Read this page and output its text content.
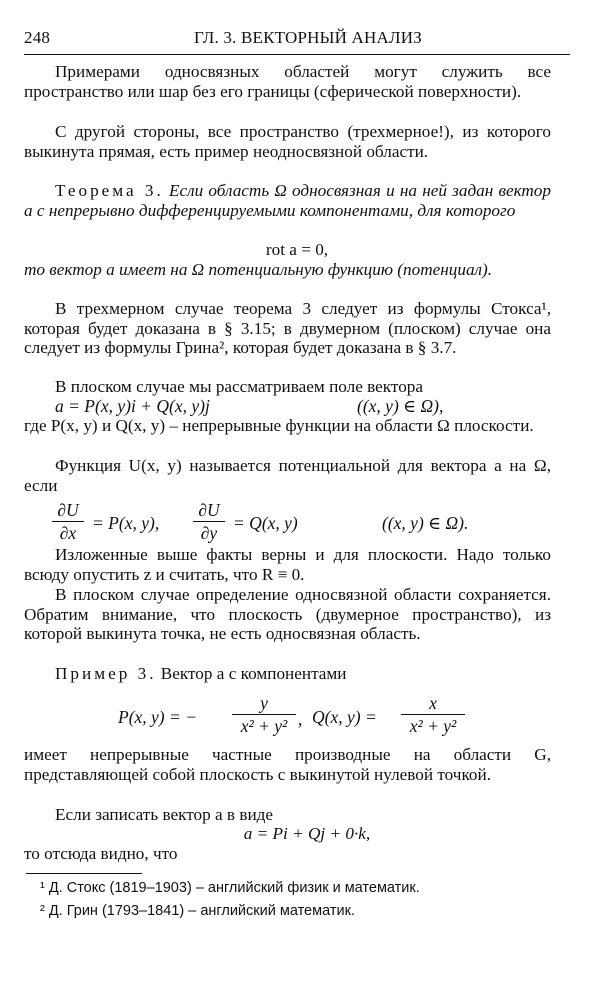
248	ГЛ. 3. ВЕКТОРНЫЙ АНАЛИЗ
Примерами односвязных областей могут служить все пространство или шар без его границы (сферической поверхности).
С другой стороны, все пространство (трехмерное!), из которого выкинута прямая, есть пример неодносвязной области.
Теорема 3. Если область Ω односвязная и на ней задан вектор a с непрерывно дифференцируемыми компонентами, для которого
rot a = 0,
то вектор a имеет на Ω потенциальную функцию (потенциал).
В трехмерном случае теорема 3 следует из формулы Стокса¹, которая будет доказана в § 3.15; в двумерном (плоском) случае она следует из формулы Грина², которая будет доказана в § 3.7.
В плоском случае мы рассматриваем поле вектора
a = P(x, y)i + Q(x, y)j	((x, y) ∈ Ω),
где P(x, y) и Q(x, y) – непрерывные функции на области Ω плоскости.
Функция U(x, y) называется потенциальной для вектора a на Ω, если
∂U
∂x = P(x, y),
∂U
∂y = Q(x, y)	((x, y) ∈ Ω).
Изложенные выше факты верны и для плоскости. Надо только всюду опустить z и считать, что R ≡ 0.
В плоском случае определение односвязной области сохраняется. Обратим внимание, что плоскость (двумерное пространство), из которой выкинута точка, не есть односвязная область.
Пример 3. Вектор a с компонентами
P(x, y) = −
y
x² + y² , Q(x, y) =
x
x² + y²
имеет непрерывные частные производные на области G, представляющей собой плоскость с выкинутой нулевой точкой.
Если записать вектор a в виде
a = Pi + Qj + 0·k,
то отсюда видно, что
¹ Д. Стокс (1819–1903) – английский физик и математик.
² Д. Грин (1793–1841) – английский математик.
